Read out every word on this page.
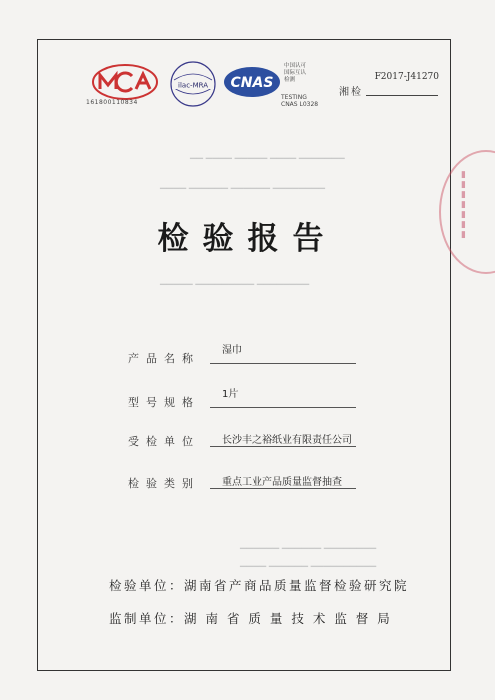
▁▁ ▁▁▁▁ ▁▁▁▁▁ ▁▁▁▁ ▁▁▁▁▁▁▁
▁▁▁▁ ▁▁▁▁▁▁ ▁▁▁▁▁▁ ▁▁▁▁▁▁▁▁
▁▁▁▁▁ ▁▁▁▁▁▁▁▁▁ ▁▁▁▁▁▁▁▁
▁▁▁▁▁▁ ▁▁▁▁▁▁ ▁▁▁▁▁▁▁▁
▁▁▁▁ ▁▁▁▁▁▁ ▁▁▁▁▁▁▁▁▁▁
▮
▮
▮
▮
▮
▮
▮
161800110834
ilac-MRA CNAS
中国认可
国际互认
检测
TESTING
CNAS L0328
F2017-J41270
湘检
检验报告
产品名称
湿巾
型号规格
1片
受检单位 长沙丰之裕纸业有限责任公司
检验类别 重点工业产品质量监督抽查
检验单位：湖南省产商品质量监督检验研究院
监制单位：湖 南 省 质 量 技 术 监 督 局
